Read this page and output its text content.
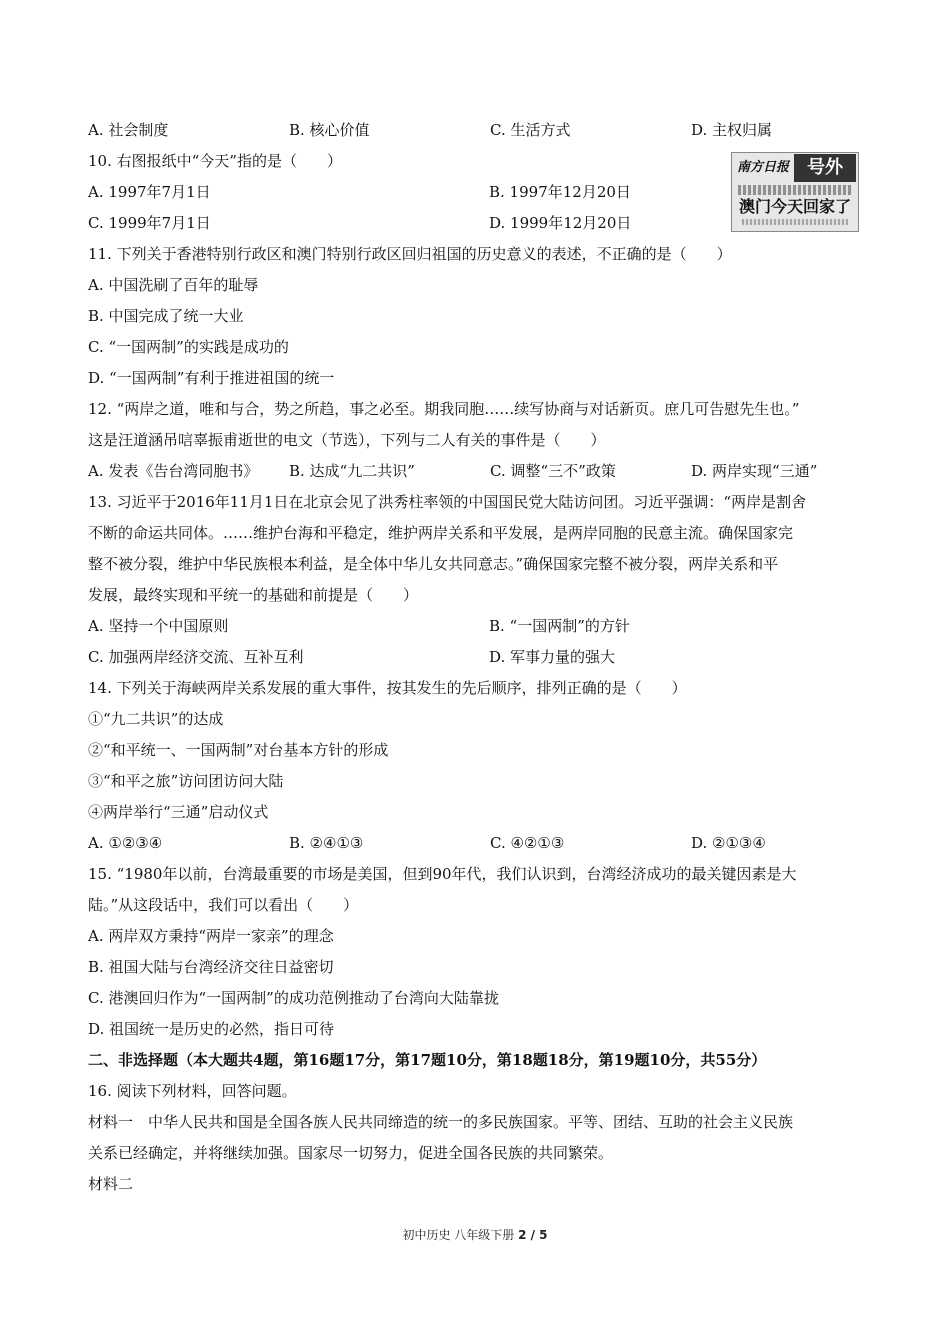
A. 社会制度	B. 核心价值	C. 生活方式	D. 主权归属
10. 右图报纸中“今天”指的是（　　）
A. 1997年7月1日	B. 1997年12月20日
C. 1999年7月1日	D. 1999年12月20日
11. 下列关于香港特别行政区和澳门特别行政区回归祖国的历史意义的表述，不正确的是（　　）
A. 中国洗刷了百年的耻辱
B. 中国完成了统一大业
C. “一国两制”的实践是成功的
D. “一国两制”有利于推进祖国的统一
12. “两岸之道，唯和与合，势之所趋，事之必至。期我同胞……续写协商与对话新页。庶几可告慰先生也。”
这是汪道涵吊唁辜振甫逝世的电文（节选），下列与二人有关的事件是（　　）
A. 发表《告台湾同胞书》	B. 达成“九二共识”	C. 调整“三不”政策	D. 两岸实现“三通”
13. 习近平于2016年11月1日在北京会见了洪秀柱率领的中国国民党大陆访问团。习近平强调：“两岸是割舍
不断的命运共同体。……维护台海和平稳定，维护两岸关系和平发展，是两岸同胞的民意主流。确保国家完
整不被分裂，维护中华民族根本利益，是全体中华儿女共同意志。”确保国家完整不被分裂，两岸关系和平
发展，最终实现和平统一的基础和前提是（　　）
A. 坚持一个中国原则	B. “一国两制”的方针
C. 加强两岸经济交流、互补互利	D. 军事力量的强大
14. 下列关于海峡两岸关系发展的重大事件，按其发生的先后顺序，排列正确的是（　　）
①“九二共识”的达成
②“和平统一、一国两制”对台基本方针的形成
③“和平之旅”访问团访问大陆
④两岸举行“三通”启动仪式
A. ①②③④	B. ②④①③	C. ④②①③	D. ②①③④
15. “1980年以前，台湾最重要的市场是美国，但到90年代，我们认识到，台湾经济成功的最关键因素是大
陆。”从这段话中，我们可以看出（　　）
A. 两岸双方秉持“两岸一家亲”的理念
B. 祖国大陆与台湾经济交往日益密切
C. 港澳回归作为“一国两制”的成功范例推动了台湾向大陆靠拢
D. 祖国统一是历史的必然，指日可待
二、非选择题（本大题共4题，第16题17分，第17题10分，第18题18分，第19题10分，共55分）
16. 阅读下列材料，回答问题。
材料一　中华人民共和国是全国各族人民共同缔造的统一的多民族国家。平等、团结、互助的社会主义民族
关系已经确定，并将继续加强。国家尽一切努力，促进全国各民族的共同繁荣。
材料二
南方日报	号外
澳门今天回家了
初中历史 八年级下册 2 / 5
